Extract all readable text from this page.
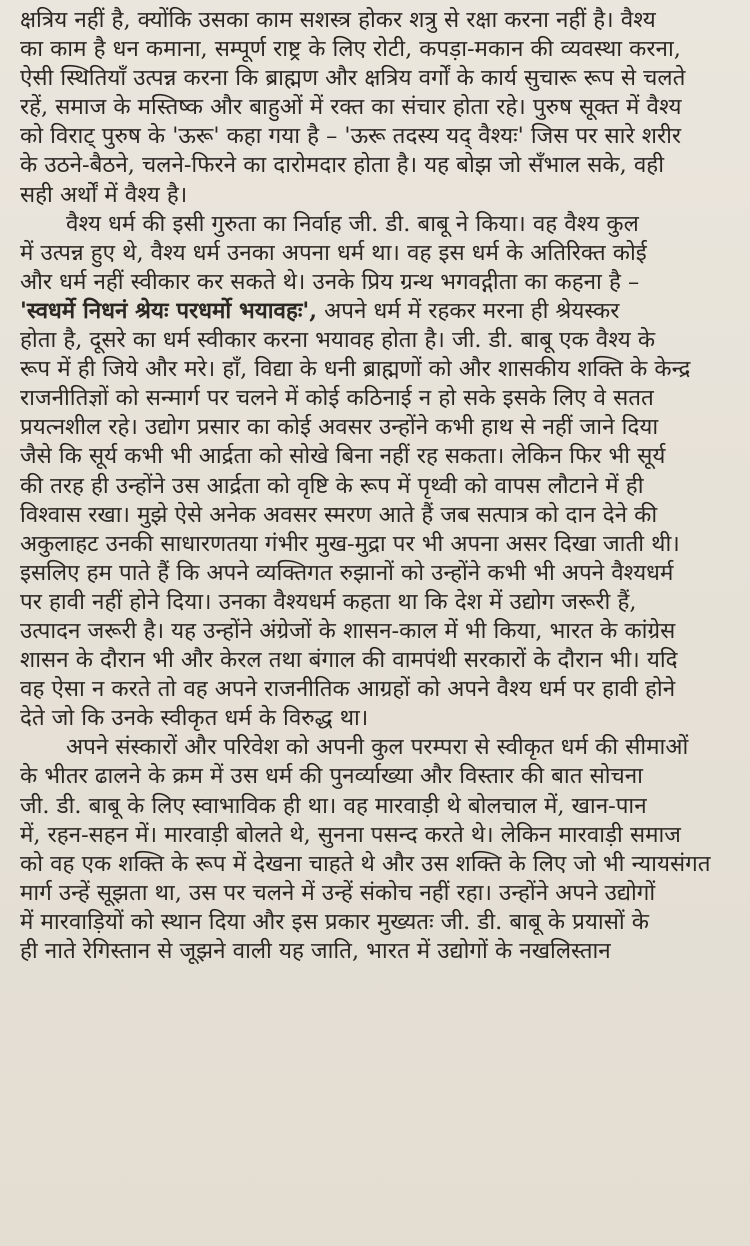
क्षत्रिय नहीं है, क्योंकि उसका काम सशस्त्र होकर शत्रु से रक्षा करना नहीं है। वैश्य
का काम है धन कमाना, सम्पूर्ण राष्ट्र के लिए रोटी, कपड़ा-मकान की व्यवस्था करना,
ऐसी स्थितियाँ उत्पन्न करना कि ब्राह्मण और क्षत्रिय वर्गों के कार्य सुचारू रूप से चलते
रहें, समाज के मस्तिष्क और बाहुओं में रक्त का संचार होता रहे। पुरुष सूक्त में वैश्य
को विराट् पुरुष के 'ऊरू' कहा गया है – 'ऊरू तदस्य यद् वैश्यः' जिस पर सारे शरीर
के उठने-बैठने, चलने-फिरने का दारोमदार होता है। यह बोझ जो सँभाल सके, वही
सही अर्थों में वैश्य है।
वैश्य धर्म की इसी गुरुता का निर्वाह जी. डी. बाबू ने किया। वह वैश्य कुल
में उत्पन्न हुए थे, वैश्य धर्म उनका अपना धर्म था। वह इस धर्म के अतिरिक्त कोई
और धर्म नहीं स्वीकार कर सकते थे। उनके प्रिय ग्रन्थ भगवद्गीता का कहना है –
'स्वधर्मे निधनं श्रेयः परधर्मो भयावहः', अपने धर्म में रहकर मरना ही श्रेयस्कर
होता है, दूसरे का धर्म स्वीकार करना भयावह होता है। जी. डी. बाबू एक वैश्य के
रूप में ही जिये और मरे। हाँ, विद्या के धनी ब्राह्मणों को और शासकीय शक्ति के केन्द्र
राजनीतिज्ञों को सन्मार्ग पर चलने में कोई कठिनाई न हो सके इसके लिए वे सतत
प्रयत्नशील रहे। उद्योग प्रसार का कोई अवसर उन्होंने कभी हाथ से नहीं जाने दिया
जैसे कि सूर्य कभी भी आर्द्रता को सोखे बिना नहीं रह सकता। लेकिन फिर भी सूर्य
की तरह ही उन्होंने उस आर्द्रता को वृष्टि के रूप में पृथ्वी को वापस लौटाने में ही
विश्वास रखा। मुझे ऐसे अनेक अवसर स्मरण आते हैं जब सत्पात्र को दान देने की
अकुलाहट उनकी साधारणतया गंभीर मुख-मुद्रा पर भी अपना असर दिखा जाती थी।
इसलिए हम पाते हैं कि अपने व्यक्तिगत रुझानों को उन्होंने कभी भी अपने वैश्यधर्म
पर हावी नहीं होने दिया। उनका वैश्यधर्म कहता था कि देश में उद्योग जरूरी हैं,
उत्पादन जरूरी है। यह उन्होंने अंग्रेजों के शासन-काल में भी किया, भारत के कांग्रेस
शासन के दौरान भी और केरल तथा बंगाल की वामपंथी सरकारों के दौरान भी। यदि
वह ऐसा न करते तो वह अपने राजनीतिक आग्रहों को अपने वैश्य धर्म पर हावी होने
देते जो कि उनके स्वीकृत धर्म के विरुद्ध था।
अपने संस्कारों और परिवेश को अपनी कुल परम्परा से स्वीकृत धर्म की सीमाओं
के भीतर ढालने के क्रम में उस धर्म की पुनर्व्याख्या और विस्तार की बात सोचना
जी. डी. बाबू के लिए स्वाभाविक ही था। वह मारवाड़ी थे बोलचाल में, खान-पान
में, रहन-सहन में। मारवाड़ी बोलते थे, सुनना पसन्द करते थे। लेकिन मारवाड़ी समाज
को वह एक शक्ति के रूप में देखना चाहते थे और उस शक्ति के लिए जो भी न्यायसंगत
मार्ग उन्हें सूझता था, उस पर चलने में उन्हें संकोच नहीं रहा। उन्होंने अपने उद्योगों
में मारवाड़ियों को स्थान दिया और इस प्रकार मुख्यतः जी. डी. बाबू के प्रयासों के
ही नाते रेगिस्तान से जूझने वाली यह जाति, भारत में उद्योगों के नखलिस्तान
